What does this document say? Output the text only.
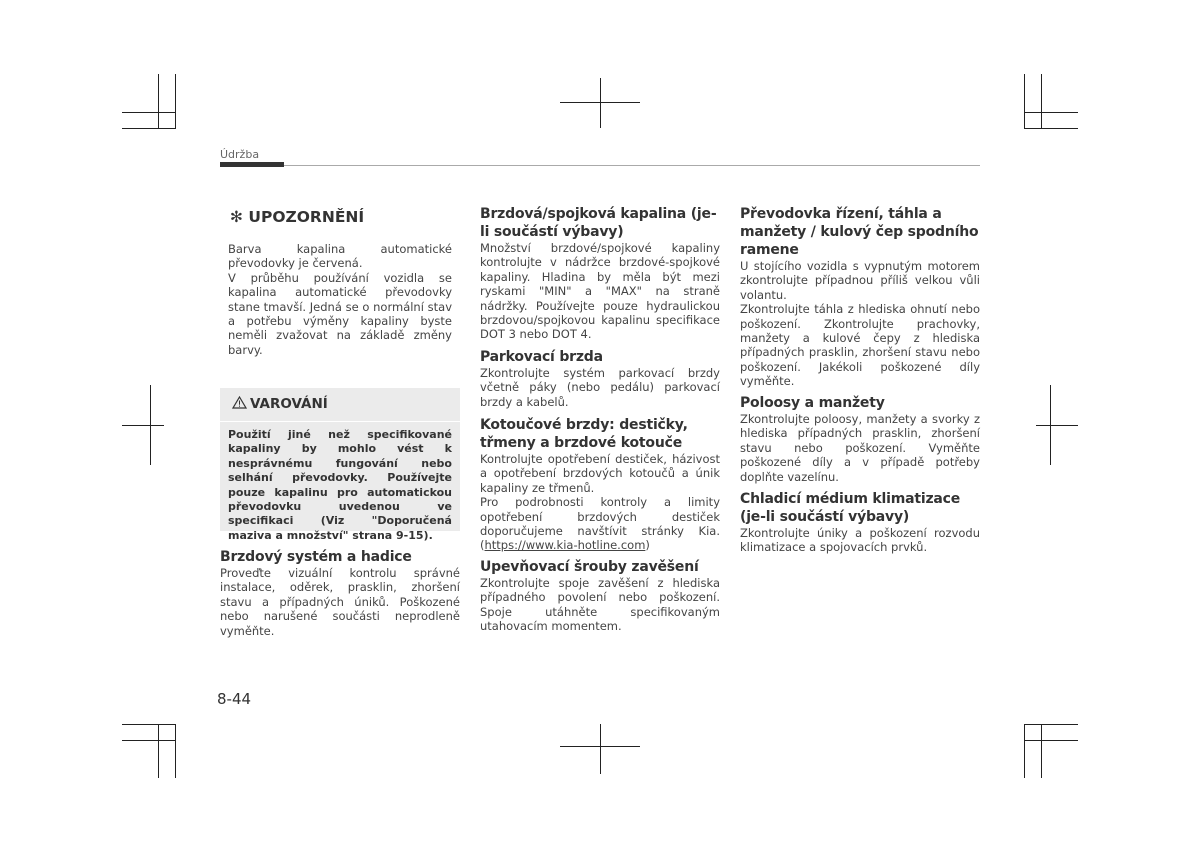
Údržba
✻ UPOZORNĚNÍ
Barva kapalina automatické převodovky je červená.
V průběhu používání vozidla se kapalina automatické převodovky stane tmavší. Jedná se o normální stav a potřebu výměny kapaliny byste neměli zvažovat na základě změny barvy.
VAROVÁNÍ
Použití jiné než specifikované kapaliny by mohlo vést k nesprávnému fungování nebo selhání převodovky. Používejte pouze kapalinu pro automatickou převodovku uvedenou ve specifikaci (Viz "Doporučená maziva a množství" strana 9-15).
Brzdový systém a hadice
Proveďte vizuální kontrolu správné instalace, oděrek, prasklin, zhoršení stavu a případných úniků. Poškozené nebo narušené součásti neprodleně vyměňte.
Brzdová/spojková kapalina (je-li součástí výbavy)
Množství brzdové/spojkové kapaliny kontrolujte v nádržce brzdové-spojkové kapaliny. Hladina by měla být mezi ryskami "MIN" a "MAX" na straně nádržky. Používejte pouze hydraulickou brzdovou/spojkovou kapalinu specifikace DOT 3 nebo DOT 4.
Parkovací brzda
Zkontrolujte systém parkovací brzdy včetně páky (nebo pedálu) parkovací brzdy a kabelů.
Kotoučové brzdy: destičky, třmeny a brzdové kotouče
Kontrolujte opotřebení destiček, házivost a opotřebení brzdových kotoučů a únik kapaliny ze třmenů.
Pro podrobnosti kontroly a limity opotřebení brzdových destiček doporučujeme navštívit stránky Kia. (https://www.kia-hotline.com)
Upevňovací šrouby zavěšení
Zkontrolujte spoje zavěšení z hlediska případného povolení nebo poškození. Spoje utáhněte specifikovaným utahovacím momentem.
Převodovka řízení, táhla a manžety / kulový čep spodního ramene
U stojícího vozidla s vypnutým motorem zkontrolujte případnou příliš velkou vůli volantu.
Zkontrolujte táhla z hlediska ohnutí nebo poškození. Zkontrolujte prachovky, manžety a kulové čepy z hlediska případných prasklin, zhoršení stavu nebo poškození. Jakékoli poškozené díly vyměňte.
Poloosy a manžety
Zkontrolujte poloosy, manžety a svorky z hlediska případných prasklin, zhoršení stavu nebo poškození. Vyměňte poškozené díly a v případě potřeby doplňte vazelínu.
Chladicí médium klimatizace (je-li součástí výbavy)
Zkontrolujte úniky a poškození rozvodu klimatizace a spojovacích prvků.
8-44
